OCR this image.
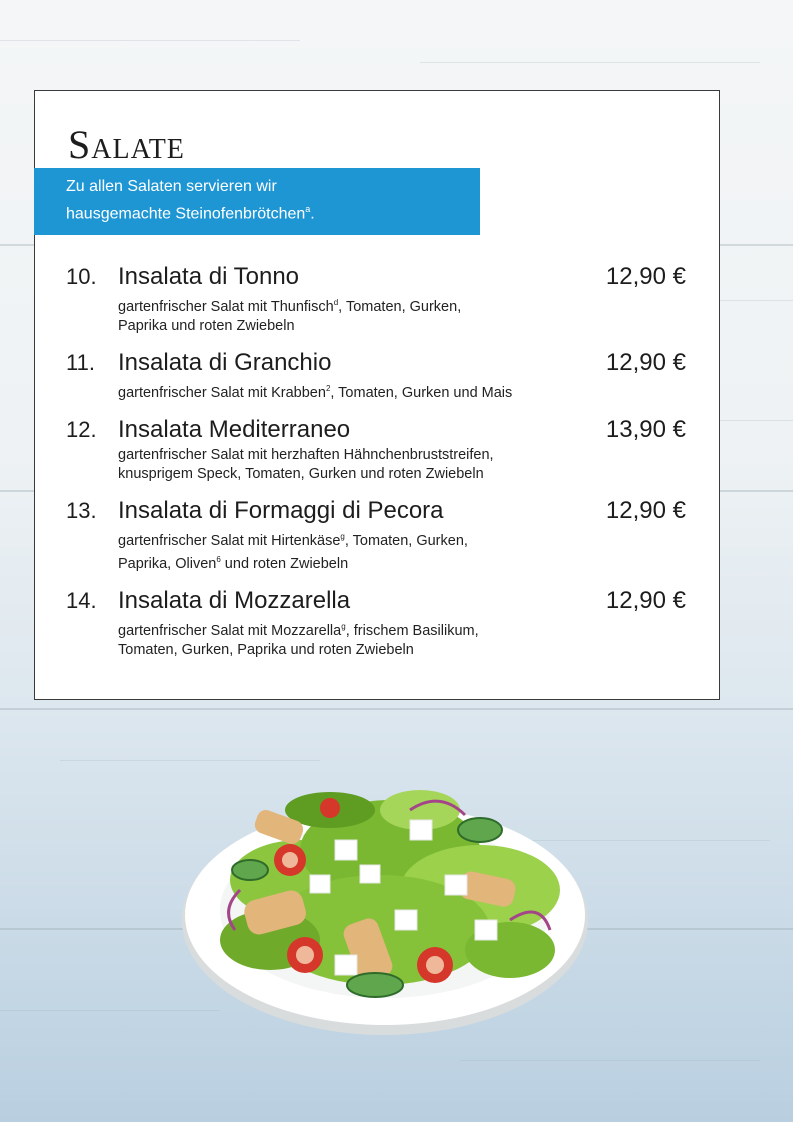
Salate
Zu allen Salaten servieren wir
hausgemachte Steinofenbrötchen$^a$.
10. Insalata di Tonno	12,90 €
gartenfrischer Salat mit Thunfisch$^d$, Tomaten, Gurken,
Paprika und roten Zwiebeln
11. Insalata di Granchio	12,90 €
gartenfrischer Salat mit Krabben$^2$, Tomaten, Gurken und Mais
12. Insalata Mediterraneo	13,90 €
gartenfrischer Salat mit herzhaften Hähnchenbruststreifen,
knusprigem Speck, Tomaten, Gurken und roten Zwiebeln
13. Insalata di Formaggi di Pecora	12,90 €
gartenfrischer Salat mit Hirtenkäse$^g$, Tomaten, Gurken,
Paprika, Oliven$^6$ und roten Zwiebeln
14. Insalata di Mozzarella	12,90 €
gartenfrischer Salat mit Mozzarella$^g$, frischem Basilikum,
Tomaten, Gurken, Paprika und roten Zwiebeln
